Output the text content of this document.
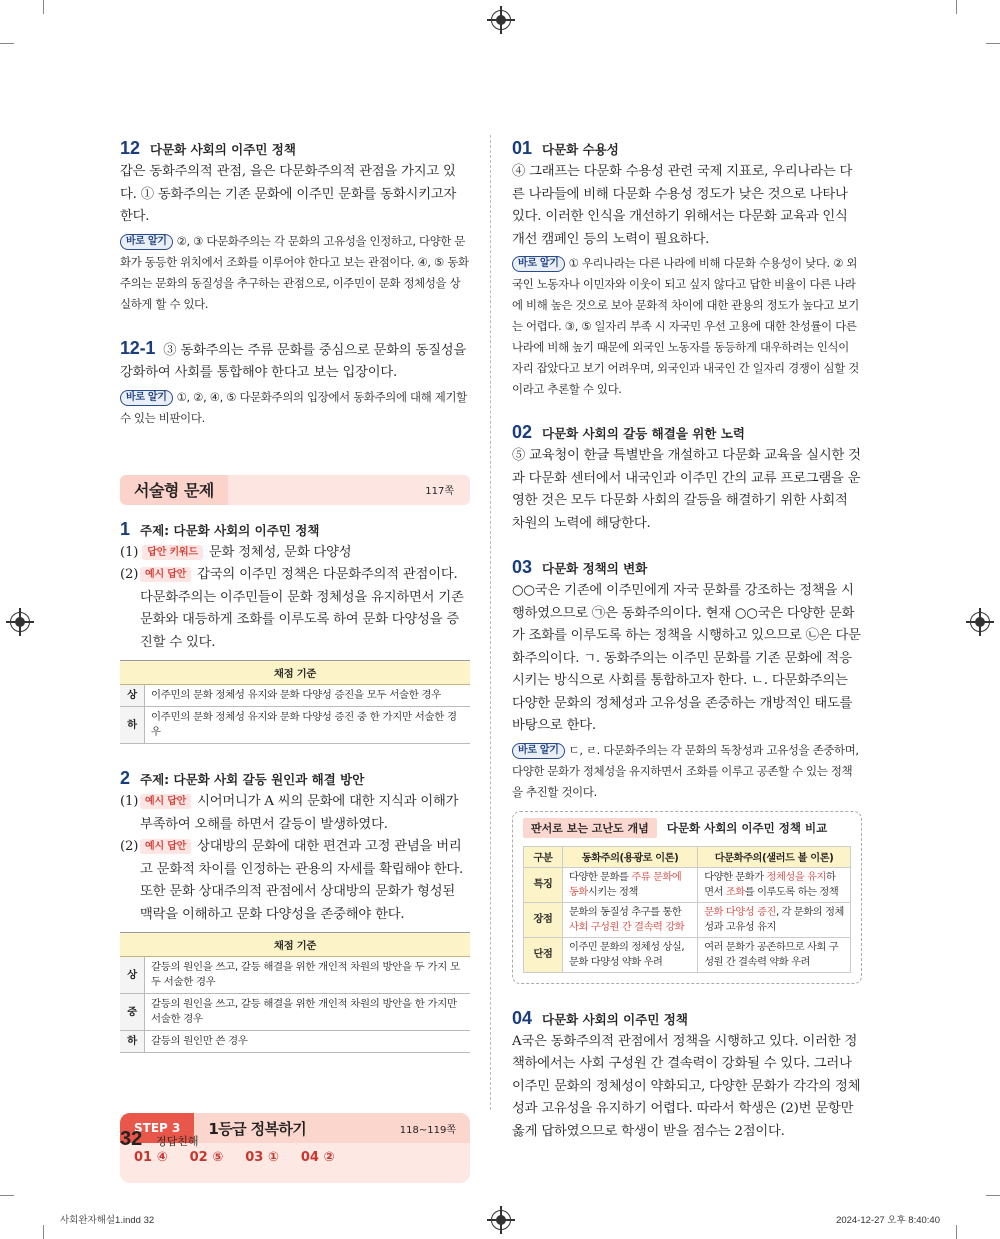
12 다문화 사회의 이주민 정책
갑은 동화주의적 관점, 을은 다문화주의적 관점을 가지고 있다. ① 동화주의는 기존 문화에 이주민 문화를 동화시키고자 한다.
바로 알기 ②, ③ 다문화주의는 각 문화의 고유성을 인정하고, 다양한 문화가 동등한 위치에서 조화를 이루어야 한다고 보는 관점이다. ④, ⑤ 동화주의는 문화의 동질성을 추구하는 관점으로, 이주민이 문화 정체성을 상실하게 할 수 있다.
12-1 ③ 동화주의는 주류 문화를 중심으로 문화의 동질성을 강화하여 사회를 통합해야 한다고 보는 입장이다.
바로 알기 ①, ②, ④, ⑤ 다문화주의의 입장에서 동화주의에 대해 제기할 수 있는 비판이다.
서술형 문제	117쪽
1 주제: 다문화 사회의 이주민 정책
(1) 답안 키워드 문화 정체성, 문화 다양성
(2) 예시 답안 갑국의 이주민 정책은 다문화주의적 관점이다. 다문화주의는 이주민들이 문화 정체성을 유지하면서 기존 문화와 대등하게 조화를 이루도록 하여 문화 다양성을 증진할 수 있다.
채점 기준	
상	이주민의 문화 정체성 유지와 문화 다양성 증진을 모두 서술한 경우
하	이주민의 문화 정체성 유지와 문화 다양성 증진 중 한 가지만 서술한 경우
2 주제: 다문화 사회 갈등 원인과 해결 방안
(1) 예시 답안 시어머니가 A 씨의 문화에 대한 지식과 이해가 부족하여 오해를 하면서 갈등이 발생하였다.
(2) 예시 답안 상대방의 문화에 대한 편견과 고정 관념을 버리고 문화적 차이를 인정하는 관용의 자세를 확립해야 한다. 또한 문화 상대주의적 관점에서 상대방의 문화가 형성된 맥락을 이해하고 문화 다양성을 존중해야 한다.
채점 기준	
상	갈등의 원인을 쓰고, 갈등 해결을 위한 개인적 차원의 방안을 두 가지 모두 서술한 경우
중	갈등의 원인을 쓰고, 갈등 해결을 위한 개인적 차원의 방안을 한 가지만 서술한 경우
하	갈등의 원인만 쓴 경우
STEP 3	1등급 정복하기	118~119쪽
01 ④ 02 ⑤ 03 ① 04 ②
01 다문화 수용성
④ 그래프는 다문화 수용성 관련 국제 지표로, 우리나라는 다른 나라들에 비해 다문화 수용성 정도가 낮은 것으로 나타나 있다. 이러한 인식을 개선하기 위해서는 다문화 교육과 인식 개선 캠페인 등의 노력이 필요하다.
바로 알기 ① 우리나라는 다른 나라에 비해 다문화 수용성이 낮다. ② 외국인 노동자나 이민자와 이웃이 되고 싶지 않다고 답한 비율이 다른 나라에 비해 높은 것으로 보아 문화적 차이에 대한 관용의 정도가 높다고 보기는 어렵다. ③, ⑤ 일자리 부족 시 자국민 우선 고용에 대한 찬성률이 다른 나라에 비해 높기 때문에 외국인 노동자를 동등하게 대우하려는 인식이 자리 잡았다고 보기 어려우며, 외국인과 내국인 간 일자리 경쟁이 심할 것이라고 추론할 수 있다.
02 다문화 사회의 갈등 해결을 위한 노력
⑤ 교육청이 한글 특별반을 개설하고 다문화 교육을 실시한 것과 다문화 센터에서 내국인과 이주민 간의 교류 프로그램을 운영한 것은 모두 다문화 사회의 갈등을 해결하기 위한 사회적 차원의 노력에 해당한다.
03 다문화 정책의 변화
○○국은 기존에 이주민에게 자국 문화를 강조하는 정책을 시행하였으므로 ㉠은 동화주의이다. 현재 ○○국은 다양한 문화가 조화를 이루도록 하는 정책을 시행하고 있으므로 ㉡은 다문화주의이다. ㄱ. 동화주의는 이주민 문화를 기존 문화에 적응시키는 방식으로 사회를 통합하고자 한다. ㄴ. 다문화주의는 다양한 문화의 정체성과 고유성을 존중하는 개방적인 태도를 바탕으로 한다.
바로 알기 ㄷ, ㄹ. 다문화주의는 각 문화의 독창성과 고유성을 존중하며, 다양한 문화가 정체성을 유지하면서 조화를 이루고 공존할 수 있는 정책을 추진할 것이다.
판서로 보는 고난도 개념	다문화 사회의 이주민 정책 비교
구분	동화주의(용광로 이론)	다문화주의(샐러드 볼 이론)
특징	다양한 문화를 주류 문화에 동화시키는 정책	다양한 문화가 정체성을 유지하면서 조화를 이루도록 하는 정책
장점	문화의 동질성 추구를 통한 사회 구성원 간 결속력 강화	문화 다양성 증진, 각 문화의 정체성과 고유성 유지
단점	이주민 문화의 정체성 상실, 문화 다양성 약화 우려	여러 문화가 공존하므로 사회 구성원 간 결속력 약화 우려
04 다문화 사회의 이주민 정책
A국은 동화주의적 관점에서 정책을 시행하고 있다. 이러한 정책하에서는 사회 구성원 간 결속력이 강화될 수 있다. 그러나 이주민 문화의 정체성이 약화되고, 다양한 문화가 각각의 정체성과 고유성을 유지하기 어렵다. 따라서 학생은 (2)번 문항만 옳게 답하였으므로 학생이 받을 점수는 2점이다.
32 정답친해
사회완자해설1.indd 32	2024-12-27 오후 8:40:40
